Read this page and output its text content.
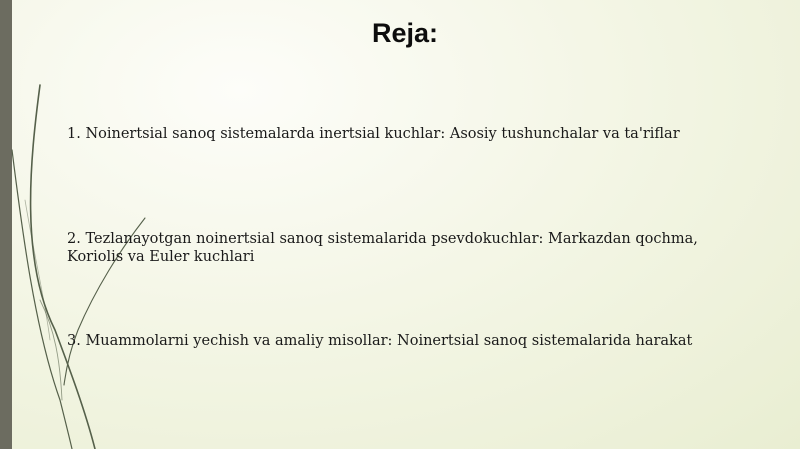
Reja:
1. Noinertsial sanoq sistemalarda inertsial kuchlar: Asosiy tushunchalar va ta'riflar
2. Tezlanayotgan noinertsial sanoq sistemalarida psevdokuchlar: Markazdan qochma, Koriolis va Euler kuchlari
3. Muammolarni yechish va amaliy misollar: Noinertsial sanoq sistemalarida harakat
